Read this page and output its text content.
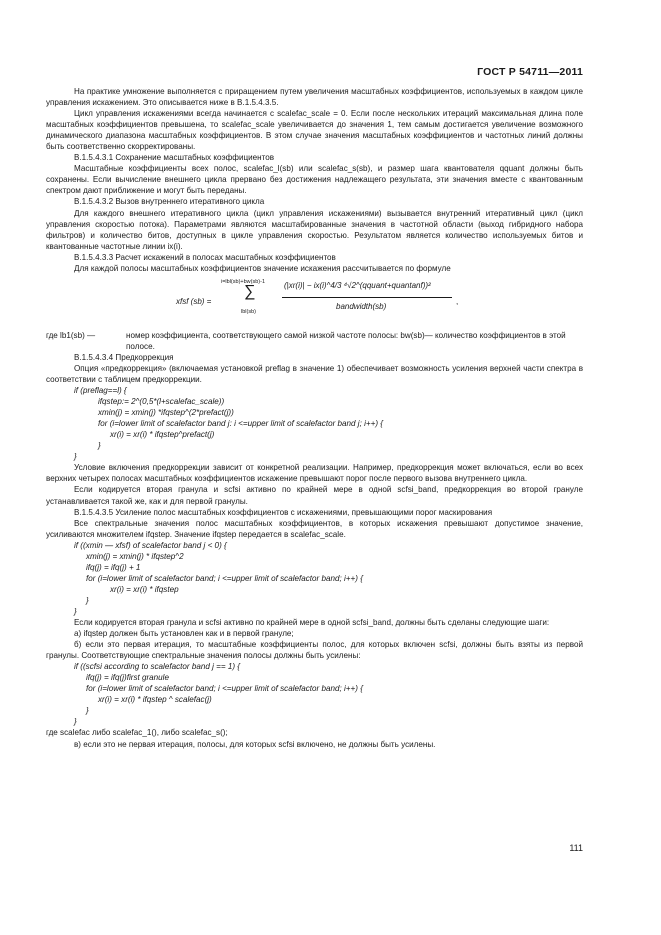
ГОСТ Р 54711—2011

На практике умножение выполняется с приращением путем увеличения масштабных коэффициентов, используемых в каждом цикле управления искажением. Это описывается ниже в В.1.5.4.3.5.

Цикл управления искажениями всегда начинается с scalefac_scale = 0. Если после нескольких итераций максимальная длина поле масштабных коэффициентов превышена, то scalefac_scale увеличивается до значения 1, тем самым достигается увеличение возможного динамического диапазона масштабных коэффициентов. В этом случае значения масштабных коэффициентов и частотных линий должны быть соответственно скорректированы.

В.1.5.4.3.1 Сохранение масштабных коэффициентов

Масштабные коэффициенты всех полос, scalefac_l(sb) или scalefac_s(sb), и размер шага квантователя qquant должны быть сохранены. Если вычисление внешнего цикла прервано без достижения надлежащего результата, эти значения вместе с квантованным спектром дают приближение и могут быть переданы.

В.1.5.4.3.2 Вызов внутреннего итеративного цикла

Для каждого внешнего итеративного цикла (цикл управления искажениями) вызывается внутренний итеративный цикл (цикл управления скоростью потока). Параметрами являются масштабированные значения в частотной области (выход гибридного набора фильтров) и количество битов, доступных в цикле управления скоростью. Результатом является количество используемых битов и квантованные частотные линии ix(i).

В.1.5.4.3.3 Расчет искажений в полосах масштабных коэффициентов

Для каждой полосы масштабных коэффициентов значение искажения рассчитывается по формуле

xfsf (sb) =
i=lbl(sb)+bw(sb)-1
∑
lbl(sb)
(|xr(i)| − ix(i)^4/3 ⁴√2^(qquant+quantanf))²
bandwidth(sb)
,
где lb1(sb) —	номер коэффициента, соответствующего самой низкой частоте полосы: bw(sb)— количество коэффициентов в этой полосе.

В.1.5.4.3.4 Предкоррекция

Опция «предкоррекция» (включаемая установкой preflag в значение 1) обеспечивает возможность усиления верхней части спектра в соответствии с таблицем предкоррекции.

if (preflag==l) {

ifqstep:= 2^(0,5*(l+scalefac_scale))

xmin(j) = xmin(j) *ifqstep^(2*prefact(j))

for (i=lower limit of scalefactor band j: i <=upper limit of scalefactor band j; i++) {

xr(i) = xr(i) * ifqstep^prefact(j)

}

}

Условие включения предкоррекции зависит от конкретной реализации. Например, предкоррекция может включаться, если во всех верхних четырех полосах масштабных коэффициентов искажение превышают порог после первого вызова внутреннего цикла.

Если кодируется вторая гранула и scfsi активно по крайней мере в одной scfsi_band, предкоррекция во второй грануле устанавливается такой же, как и для первой гранулы.

В.1.5.4.3.5 Усиление полос масштабных коэффициентов с искажениями, превышающими порог маскирования

Все спектральные значения полос масштабных коэффициентов, в которых искажения превышают допустимое значение, усиливаются множителем ifqstep. Значение ifqstep передается в scalefac_scale.

if ((xmin — xfsf) of scalefactor band j < 0) {

xmin(j) = xmin(j) * ifqstep^2

ifq(j) = ifq(j) + 1

for (i=lower limit of scalefactor band; i <=upper limit of scalefactor band; i++) {

xr(i) = xr(i) * ifqstep

}

}

Если кодируется вторая гранула и scfsi активно по крайней мере в одной scfsi_band, должны быть сделаны следующие шаги:

а) ifqstep должен быть установлен как и в первой грануле;

б) если это первая итерация, то масштабные коэффициенты полос, для которых включен scfsi, должны быть взяты из первой гранулы. Соответствующие спектральные значения полосы должны быть усилены:

if ((scfsi according to scalefactor band j == 1) {

ifq(j) = ifq(j)first granule

for (i=lower limit of scalefactor band; i <=upper limit of scalefactor band; i++) {

xr(i) = xr(i) * ifqstep ^ scalefac(j)

}

}

где scalefac либо scalefac_1(), либо scalefac_s();

в) если это не первая итерация, полосы, для которых scfsi включено, не должны быть усилены.

111
